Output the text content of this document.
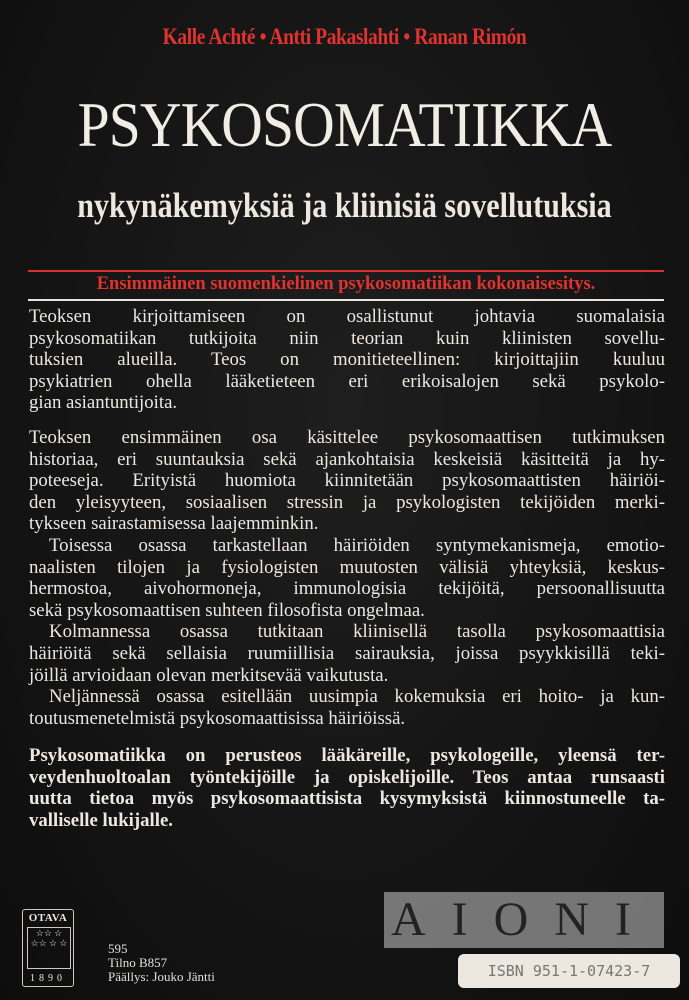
Kalle Achté • Antti Pakaslahti • Ranan Rimón
PSYKOSOMATIIKKA
nykynäkemyksiä ja kliinisiä sovellutuksia
Ensimmäinen suomenkielinen psykosomatiikan kokonaisesitys.
Teoksen kirjoittamiseen on osallistunut johtavia suomalaisia
psykosomatiikan tutkijoita niin teorian kuin kliinisten sovellu-
tuksien alueilla. Teos on monitieteellinen: kirjoittajiin kuuluu
psykiatrien ohella lääketieteen eri erikoisalojen sekä psykolo-
gian asiantuntijoita.
Teoksen ensimmäinen osa käsittelee psykosomaattisen tutkimuksen
historiaa, eri suuntauksia sekä ajankohtaisia keskeisiä käsitteitä ja hy-
poteeseja. Erityistä huomiota kiinnitetään psykosomaattisten häiriöi-
den yleisyyteen, sosiaalisen stressin ja psykologisten tekijöiden merki-
tykseen sairastamisessa laajemminkin.
Toisessa osassa tarkastellaan häiriöiden syntymekanismeja, emotio-
naalisten tilojen ja fysiologisten muutosten välisiä yhteyksiä, keskus-
hermostoa, aivohormoneja, immunologisia tekijöitä, persoonallisuutta
sekä psykosomaattisen suhteen filosofista ongelmaa.
Kolmannessa osassa tutkitaan kliinisellä tasolla psykosomaattisia
häiriöitä sekä sellaisia ruumiillisia sairauksia, joissa psyykkisillä teki-
jöillä arvioidaan olevan merkitsevää vaikutusta.
Neljännessä osassa esitellään uusimpia kokemuksia eri hoito- ja kun-
toutusmenetelmistä psykosomaattisissa häiriöissä.
Psykosomatiikka on perusteos lääkäreille, psykologeille, yleensä ter-
veydenhuoltoalan työntekijöille ja opiskelijoille. Teos antaa runsaasti
uutta tietoa myös psykosomaattisista kysymyksistä kiinnostuneelle ta-
valliselle lukijalle.
OTAVA
☆☆ ☆ ☆☆ ☆ ☆
1890
595
Tilno B857
Päällys: Jouko Jäntti
AIONI
ISBN 951-1-07423-7
